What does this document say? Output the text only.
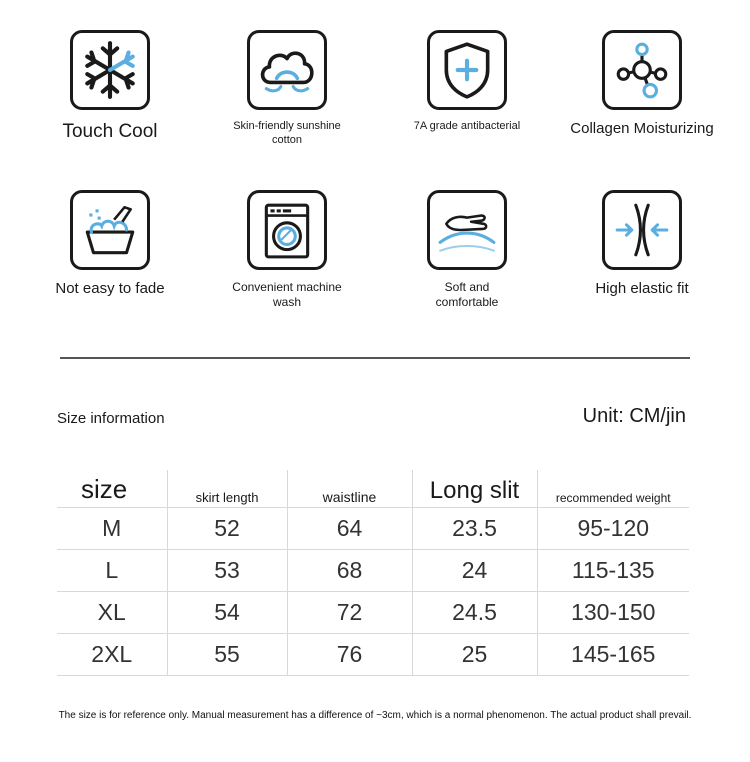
Touch Cool	Skin-friendly sunshine cotton
7A grade antibacterial	Collagen Moisturizing
Not easy to fade	Convenient machine wash
Soft and comfortable
High elastic fit
Size information	Unit: CM/jin
size	skirt length	waistline	Long slit	recommended weight
M	52	64	23.5	95-120
L	53	68	24	115-135
XL	54	72	24.5	130-150
2XL	55	76	25	145-165
The size is for reference only. Manual measurement has a difference of ~3cm, which is a normal phenomenon. The actual product shall prevail.
